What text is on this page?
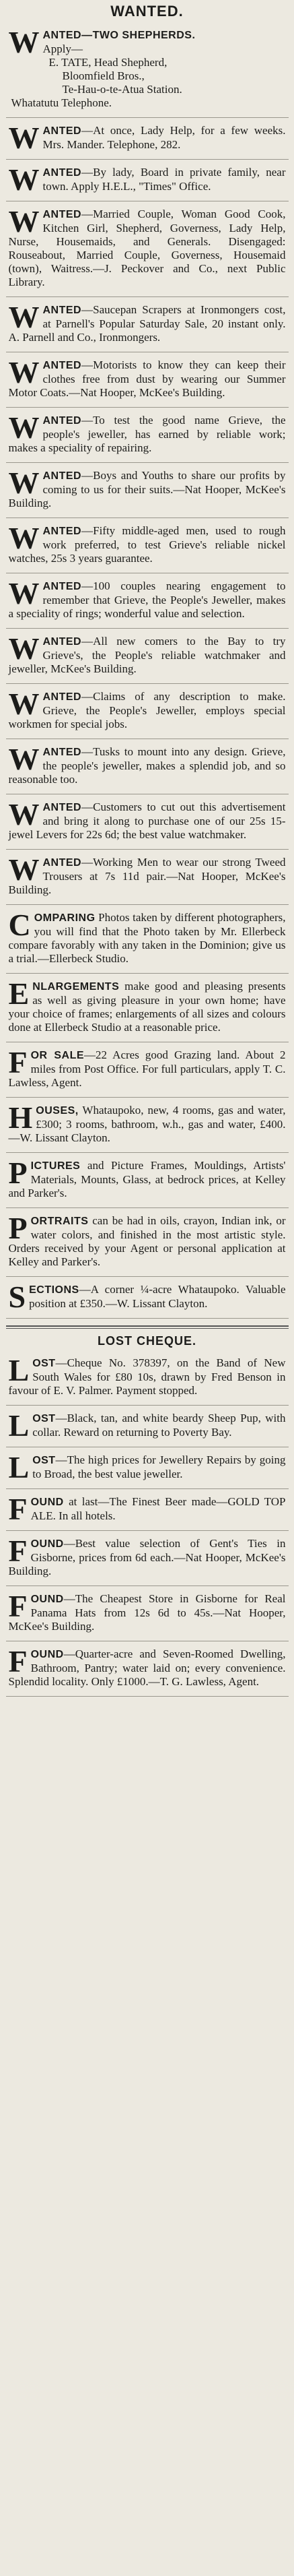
WANTED.

WANTED—TWO SHEPHERDS.

Apply—

E. TATE, Head Shepherd,

Bloomfield Bros.,

Te-Hau-o-te-Atua Station.

Whatatutu Telephone.

WANTED—At once, Lady Help, for a few weeks. Mrs. Mander. Telephone, 282.

WANTED—By lady, Board in private family, near town. Apply H.E.L., "Times" Office.

WANTED—Married Couple, Woman Good Cook, Kitchen Girl, Shepherd, Governess, Lady Help, Nurse, Housemaids, and Generals. Disengaged: Rouseabout, Married Couple, Governess, Housemaid (town), Waitress.—J. Peckover and Co., next Public Library.

WANTED—Saucepan Scrapers at Ironmongers cost, at Parnell's Popular Saturday Sale, 20 instant only. A. Parnell and Co., Ironmongers.

WANTED—Motorists to know they can keep their clothes free from dust by wearing our Summer Motor Coats.—Nat Hooper, McKee's Building.

WANTED—To test the good name Grieve, the people's jeweller, has earned by reliable work; makes a speciality of repairing.

WANTED—Boys and Youths to share our profits by coming to us for their suits.—Nat Hooper, McKee's Building.

WANTED—Fifty middle-aged men, used to rough work preferred, to test Grieve's reliable nickel watches, 25s 3 years guarantee.

WANTED—100 couples nearing engagement to remember that Grieve, the People's Jeweller, makes a speciality of rings; wonderful value and selection.

WANTED—All new comers to the Bay to try Grieve's, the People's reliable watchmaker and jeweller, McKee's Building.

WANTED—Claims of any description to make. Grieve, the People's Jeweller, employs special workmen for special jobs.

WANTED—Tusks to mount into any design. Grieve, the people's jeweller, makes a splendid job, and so reasonable too.

WANTED—Customers to cut out this advertisement and bring it along to purchase one of our 25s 15-jewel Levers for 22s 6d; the best value watchmaker.

WANTED—Working Men to wear our strong Tweed Trousers at 7s 11d pair.—Nat Hooper, McKee's Building.

COMPARING Photos taken by different photographers, you will find that the Photo taken by Mr. Ellerbeck compare favorably with any taken in the Dominion; give us a trial.—Ellerbeck Studio.

ENLARGEMENTS make good and pleasing presents as well as giving pleasure in your own home; have your choice of frames; enlargements of all sizes and colours done at Ellerbeck Studio at a reasonable price.

FOR SALE—22 Acres good Grazing land. About 2 miles from Post Office. For full particulars, apply T. C. Lawless, Agent.

HOUSES, Whataupoko, new, 4 rooms, gas and water, £300; 3 rooms, bathroom, w.h., gas and water, £400.—W. Lissant Clayton.

PICTURES and Picture Frames, Mouldings, Artists' Materials, Mounts, Glass, at bedrock prices, at Kelley and Parker's.

PORTRAITS can be had in oils, crayon, Indian ink, or water colors, and finished in the most artistic style. Orders received by your Agent or personal application at Kelley and Parker's.

SECTIONS—A corner ¼-acre Whataupoko. Valuable position at £350.—W. Lissant Clayton.

LOST CHEQUE.

LOST—Cheque No. 378397, on the Band of New South Wales for £80 10s, drawn by Fred Benson in favour of E. V. Palmer. Payment stopped.

LOST—Black, tan, and white beardy Sheep Pup, with collar. Reward on returning to Poverty Bay.

LOST—The high prices for Jewellery Repairs by going to Broad, the best value jeweller.

FOUND at last—The Finest Beer made—GOLD TOP ALE. In all hotels.

FOUND—Best value selection of Gent's Ties in Gisborne, prices from 6d each.—Nat Hooper, McKee's Building.

FOUND—The Cheapest Store in Gisborne for Real Panama Hats from 12s 6d to 45s.—Nat Hooper, McKee's Building.

FOUND—Quarter-acre and Seven-Roomed Dwelling, Bathroom, Pantry; water laid on; every convenience. Splendid locality. Only £1000.—T. G. Lawless, Agent.
